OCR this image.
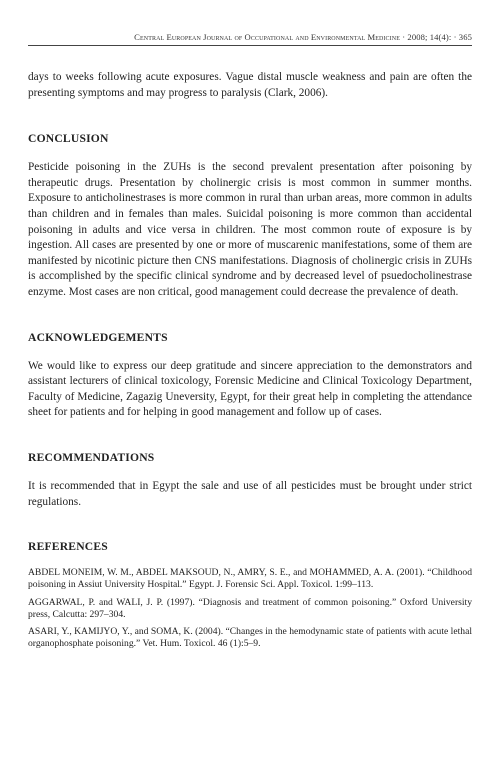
Central European Journal of Occupational and Environmental Medicine · 2008; 14(4): · 365

days to weeks following acute exposures. Vague distal muscle weakness and pain are often the presenting symptoms and may progress to paralysis (Clark, 2006).

CONCLUSION

Pesticide poisoning in the ZUHs is the second prevalent presentation after poisoning by therapeutic drugs. Presentation by cholinergic crisis is most common in summer months. Exposure to anticholinestrases is more common in rural than urban areas, more common in adults than children and in females than males. Suicidal poisoning is more common than accidental poisoning in adults and vice versa in children. The most common route of exposure is by ingestion. All cases are presented by one or more of muscarenic manifestations, some of them are manifested by nicotinic picture then CNS manifestations. Diagnosis of cholinergic crisis in ZUHs is accomplished by the specific clinical syndrome and by decreased level of psuedocholinestrase enzyme. Most cases are non critical, good management could decrease the prevalence of death.

ACKNOWLEDGEMENTS

We would like to express our deep gratitude and sincere appreciation to the demonstrators and assistant lecturers of clinical toxicology, Forensic Medicine and Clinical Toxicology Department, Faculty of Medicine, Zagazig Uneversity, Egypt, for their great help in completing the attendance sheet for patients and for helping in good management and follow up of cases.

RECOMMENDATIONS

It is recommended that in Egypt the sale and use of all pesticides must be brought under strict regulations.

REFERENCES

ABDEL MONEIM, W. M., ABDEL MAKSOUD, N., AMRY, S. E., and MOHAMMED, A. A. (2001). “Childhood poisoning in Assiut University Hospital.” Egypt. J. Forensic Sci. Appl. Toxicol. 1:99–113.

AGGARWAL, P. and WALI, J. P. (1997). “Diagnosis and treatment of common poisoning.” Oxford University press, Calcutta: 297–304.

ASARI, Y., KAMIJYO, Y., and SOMA, K. (2004). “Changes in the hemodynamic state of patients with acute lethal organophosphate poisoning.” Vet. Hum. Toxicol. 46 (1):5–9.
